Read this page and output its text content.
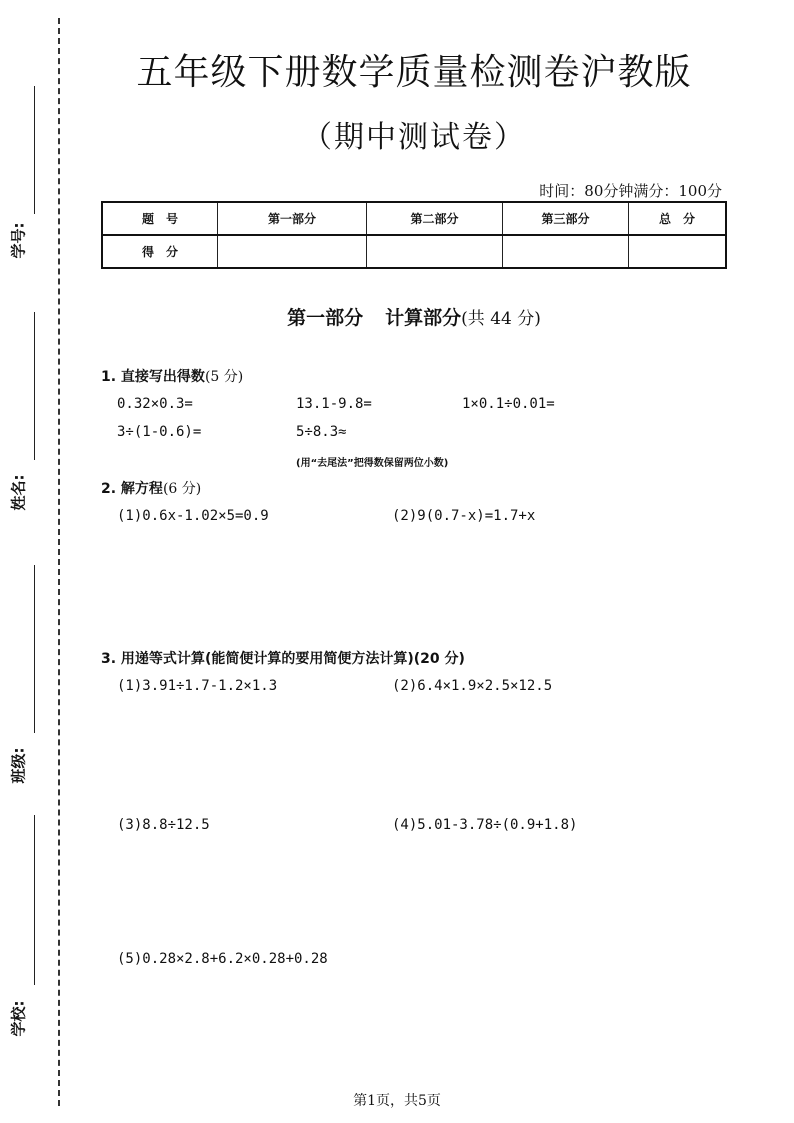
学号:
姓名:
班级:
学校:
五年级下册数学质量检测卷沪教版
（期中测试卷）
时间：80分钟满分：100分
题　号	第一部分	第二部分	第三部分	总　分
得　分				
第一部分 计算部分(共 44 分)
1. 直接写出得数(5 分)
0.32×0.3=	13.1-9.8=	1×0.1÷0.01=
3÷(1-0.6)=	5÷8.3≈
(用“去尾法”把得数保留两位小数)
2. 解方程(6 分)
(1)0.6x-1.02×5=0.9	(2)9(0.7-x)=1.7+x
3. 用递等式计算(能简便计算的要用简便方法计算)(20 分)
(1)3.91÷1.7-1.2×1.3	(2)6.4×1.9×2.5×12.5
(3)8.8÷12.5	(4)5.01-3.78÷(0.9+1.8)
(5)0.28×2.8+6.2×0.28+0.28
第1页，共5页
